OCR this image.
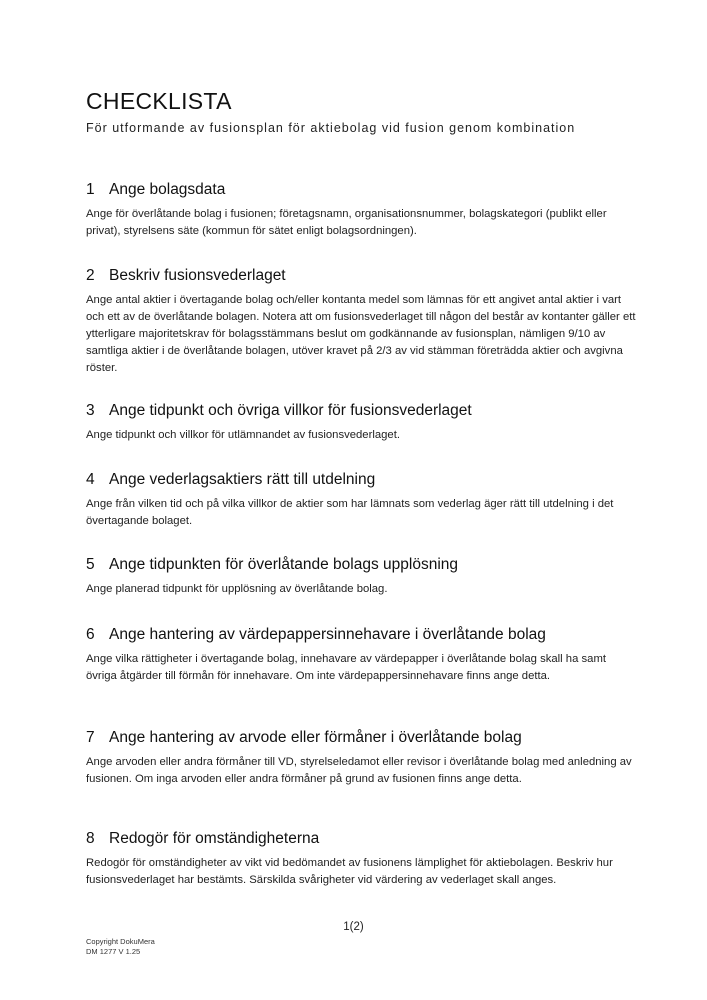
CHECKLISTA

För utformande av fusionsplan för aktiebolag vid fusion genom kombination

1 Ange bolagsdata

Ange för överlåtande bolag i fusionen; företagsnamn, organisationsnummer, bolagskategori (publikt eller privat), styrelsens säte (kommun för sätet enligt bolagsordningen).

2 Beskriv fusionsvederlaget

Ange antal aktier i övertagande bolag och/eller kontanta medel som lämnas för ett angivet antal aktier i vart och ett av de överlåtande bolagen. Notera att om fusionsvederlaget till någon del består av kontanter gäller ett ytterligare majoritetskrav för bolagsstämmans beslut om godkännande av fusionsplan, nämligen 9/10 av samtliga aktier i de överlåtande bolagen, utöver kravet på 2/3 av vid stämman företrädda aktier och avgivna röster.

3 Ange tidpunkt och övriga villkor för fusionsvederlaget

Ange tidpunkt och villkor för utlämnandet av fusionsvederlaget.

4 Ange vederlagsaktiers rätt till utdelning

Ange från vilken tid och på vilka villkor de aktier som har lämnats som vederlag äger rätt till utdelning i det övertagande bolaget.

5 Ange tidpunkten för överlåtande bolags upplösning

Ange planerad tidpunkt för upplösning av överlåtande bolag.

6 Ange hantering av värdepappersinnehavare i överlåtande bolag

Ange vilka rättigheter i övertagande bolag, innehavare av värdepapper i överlåtande bolag skall ha samt övriga åtgärder till förmån för innehavare. Om inte värdepappersinnehavare finns ange detta.

7 Ange hantering av arvode eller förmåner i överlåtande bolag

Ange arvoden eller andra förmåner till VD, styrelseledamot eller revisor i överlåtande bolag med anledning av fusionen. Om inga arvoden eller andra förmåner på grund av fusionen finns ange detta.

8 Redogör för omständigheterna

Redogör för omständigheter av vikt vid bedömandet av fusionens lämplighet för aktiebolagen. Beskriv hur fusionsvederlaget har bestämts. Särskilda svårigheter vid värdering av vederlaget skall anges.

1(2)
Copyright DokuMera
DM 1277 V 1.25
